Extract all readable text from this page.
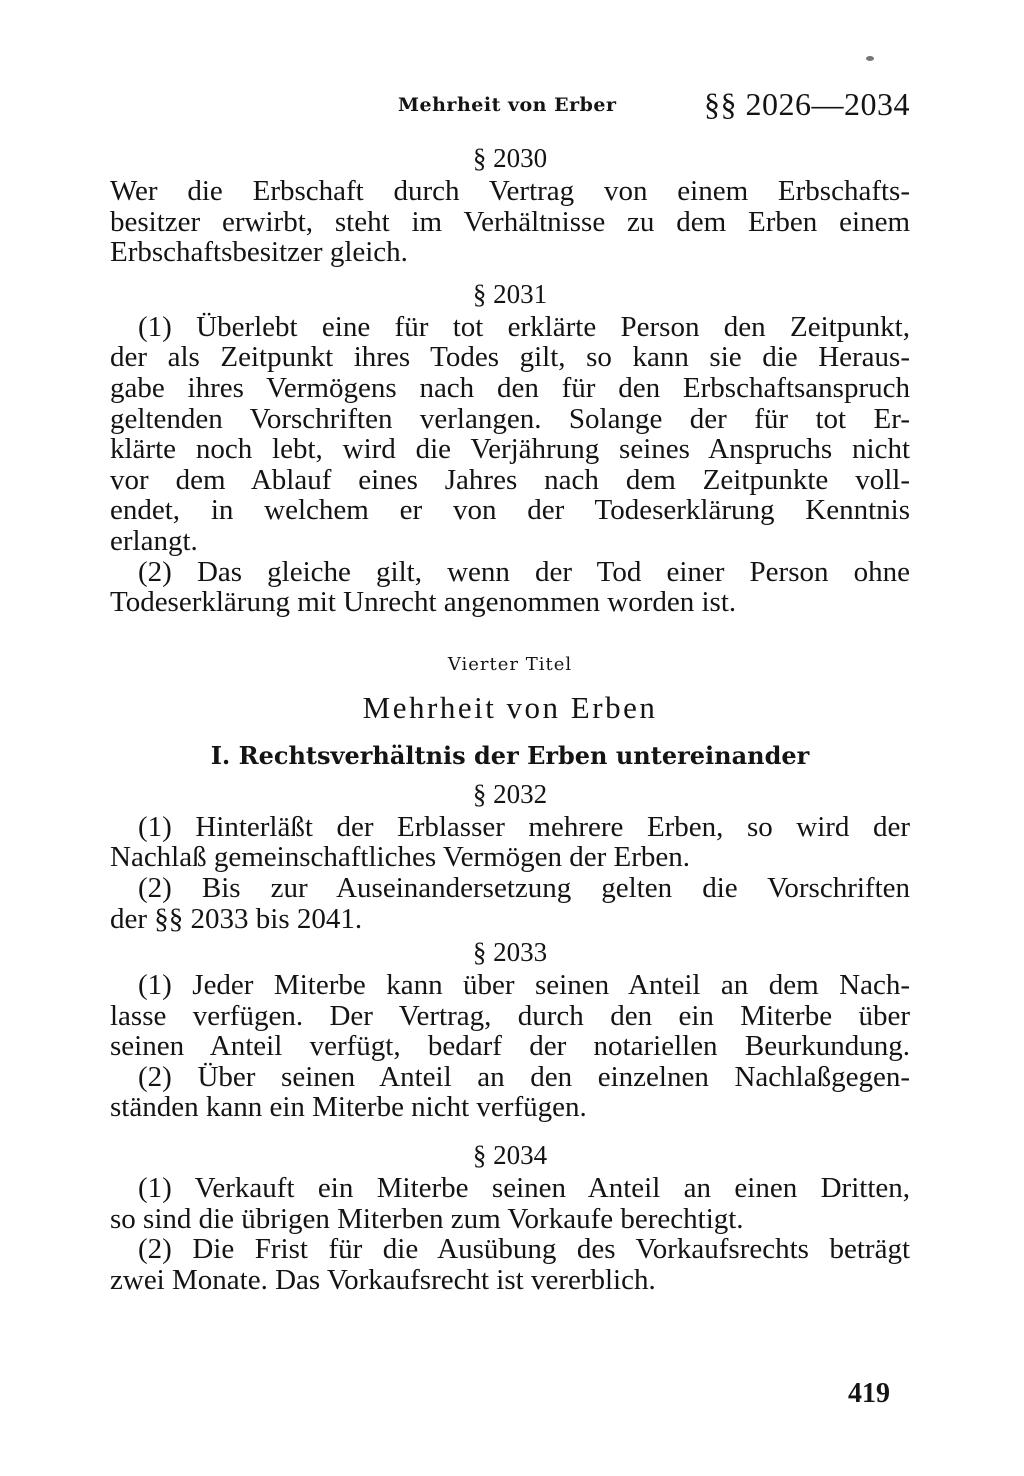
Mehrheit von Erber	§§ 2026—2034

§ 2030

Wer die Erbschaft durch Vertrag von einem Erbschafts-

besitzer erwirbt, steht im Verhältnisse zu dem Erben einem

Erbschaftsbesitzer gleich.

§ 2031

(1) Überlebt eine für tot erklärte Person den Zeitpunkt,

der als Zeitpunkt ihres Todes gilt, so kann sie die Heraus-

gabe ihres Vermögens nach den für den Erbschaftsanspruch

geltenden Vorschriften verlangen. Solange der für tot Er-

klärte noch lebt, wird die Verjährung seines Anspruchs nicht

vor dem Ablauf eines Jahres nach dem Zeitpunkte voll-

endet, in welchem er von der Todeserklärung Kenntnis

erlangt.

(2) Das gleiche gilt, wenn der Tod einer Person ohne

Todeserklärung mit Unrecht angenommen worden ist.

Vierter Titel

Mehrheit von Erben

I. Rechtsverhältnis der Erben untereinander

§ 2032

(1) Hinterläßt der Erblasser mehrere Erben, so wird der

Nachlaß gemeinschaftliches Vermögen der Erben.

(2) Bis zur Auseinandersetzung gelten die Vorschriften

der §§ 2033 bis 2041.

§ 2033

(1) Jeder Miterbe kann über seinen Anteil an dem Nach-

lasse verfügen. Der Vertrag, durch den ein Miterbe über

seinen Anteil verfügt, bedarf der notariellen Beurkundung.

(2) Über seinen Anteil an den einzelnen Nachlaßgegen-

ständen kann ein Miterbe nicht verfügen.

§ 2034

(1) Verkauft ein Miterbe seinen Anteil an einen Dritten,

so sind die übrigen Miterben zum Vorkaufe berechtigt.

(2) Die Frist für die Ausübung des Vorkaufsrechts beträgt

zwei Monate. Das Vorkaufsrecht ist vererblich.

419
